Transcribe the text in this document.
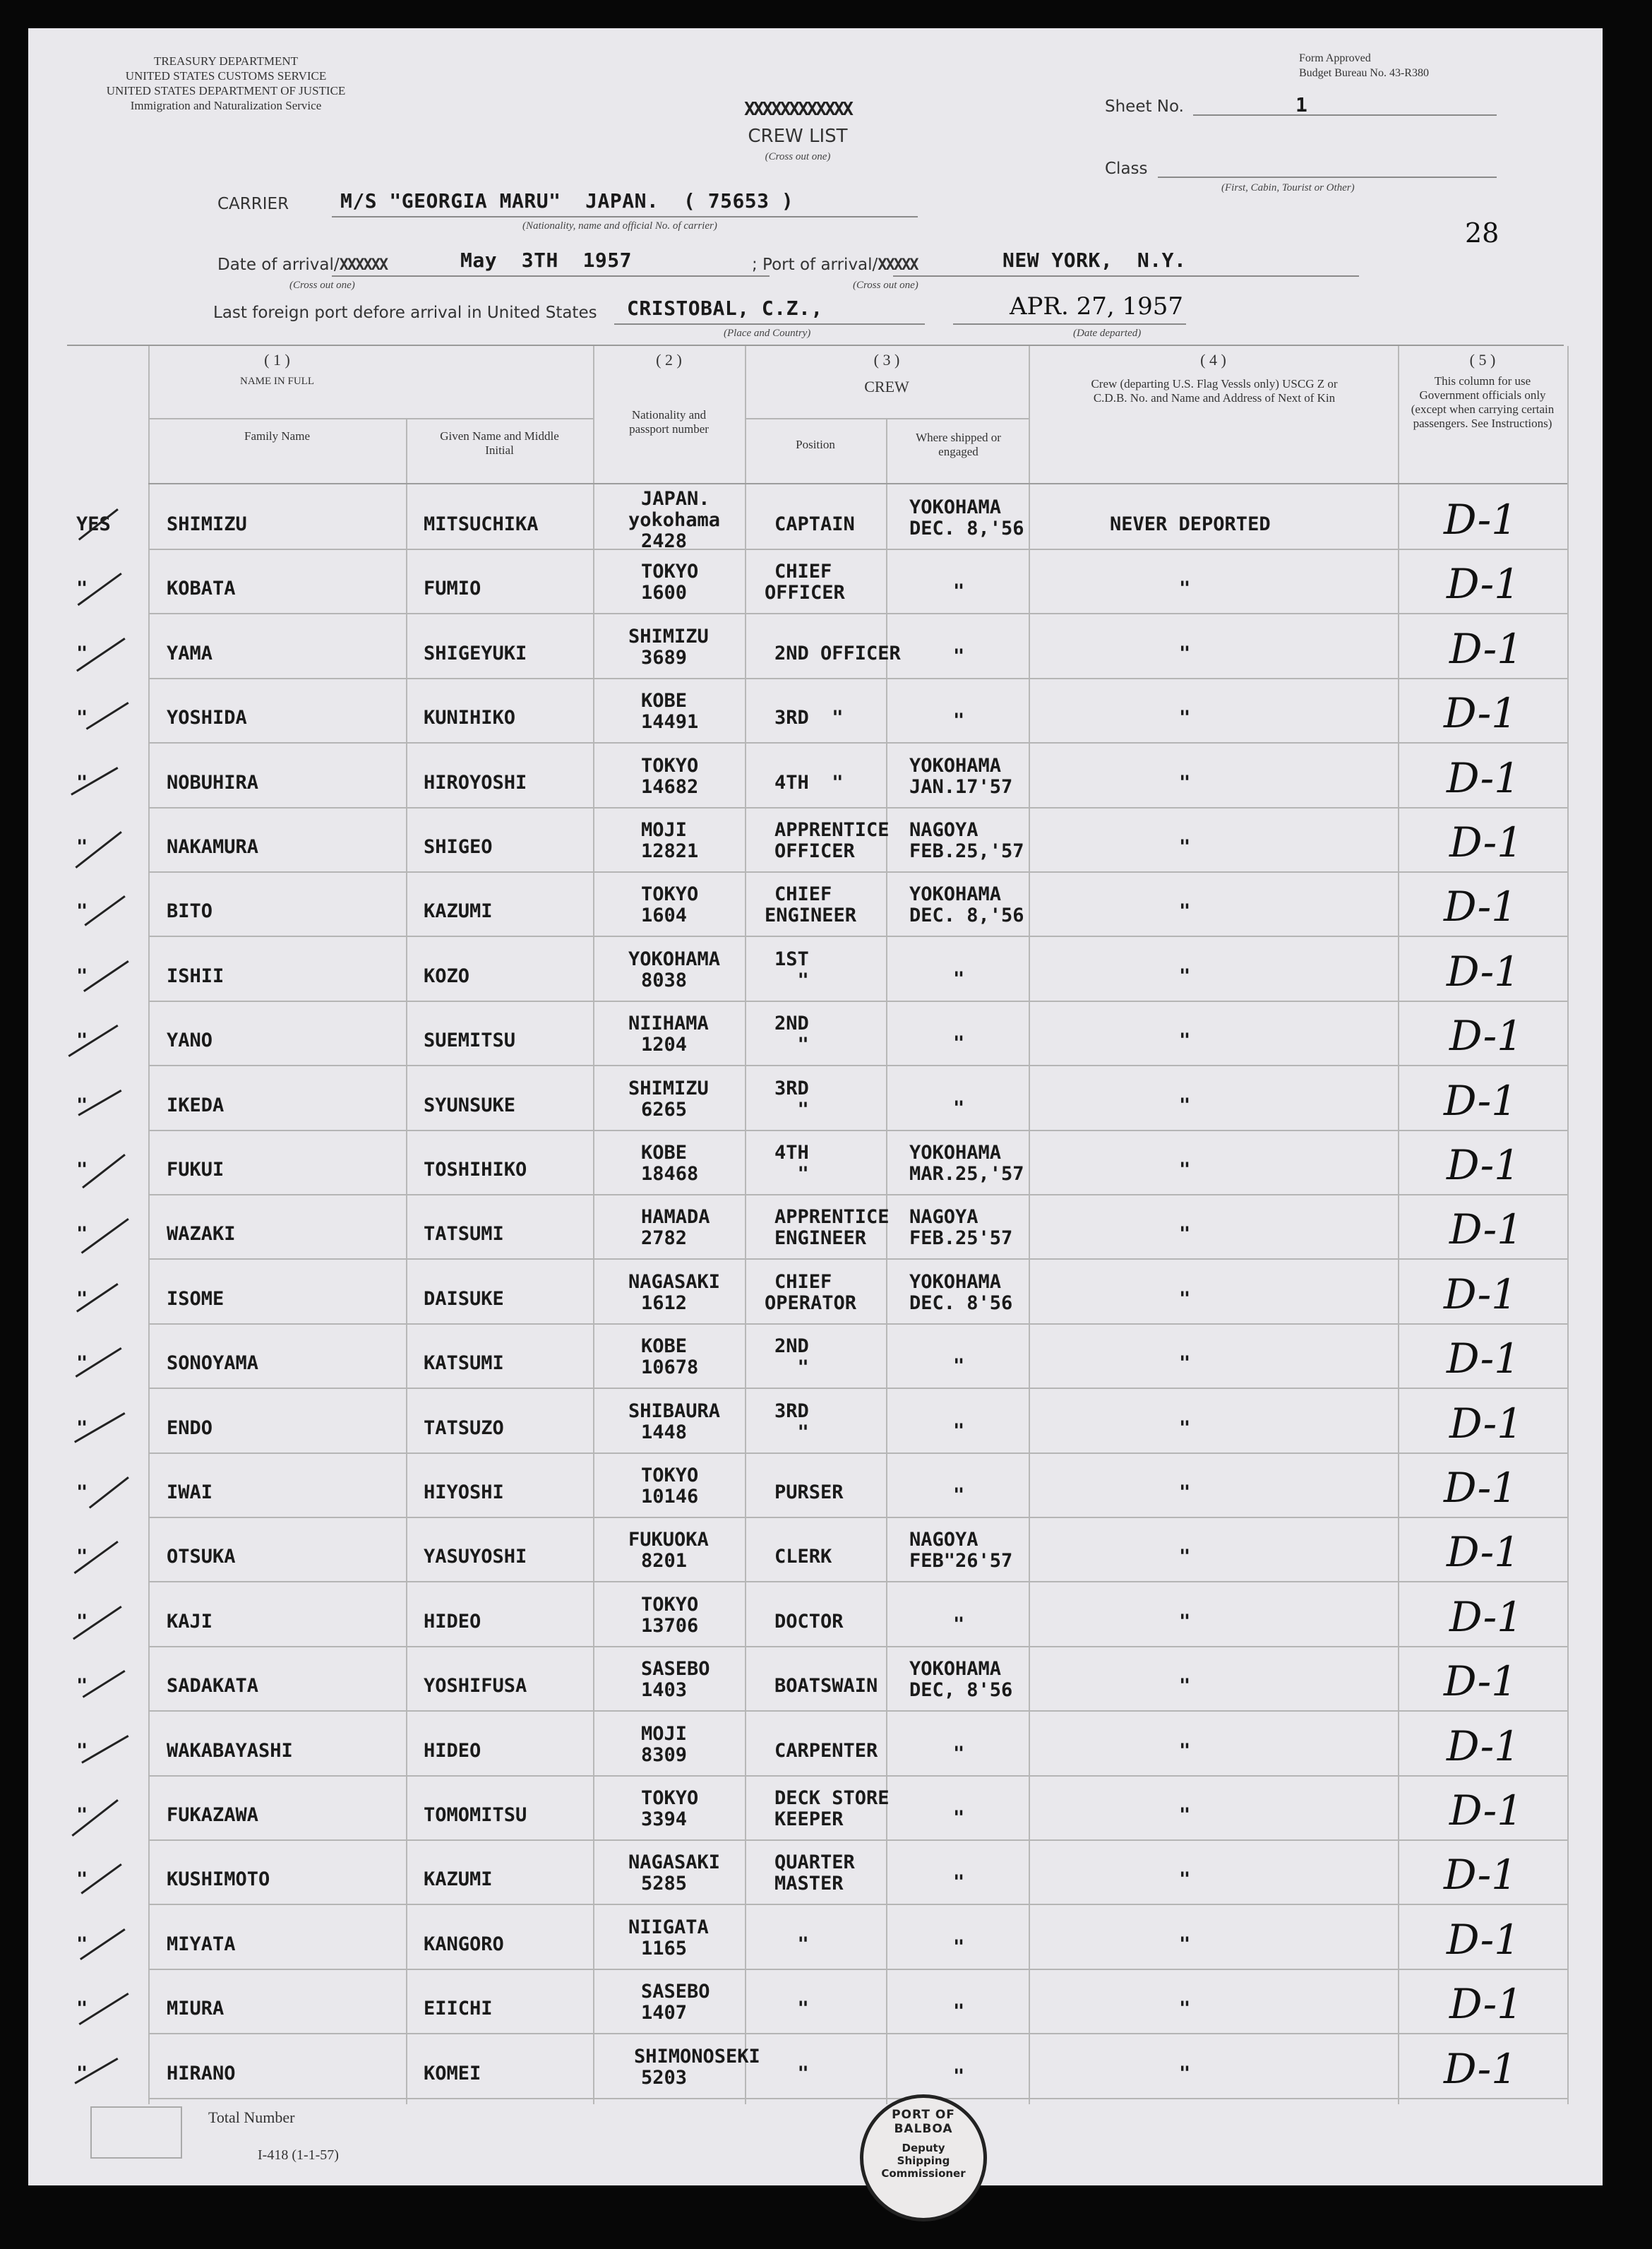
TREASURY DEPARTMENT
UNITED STATES CUSTOMS SERVICE
UNITED STATES DEPARTMENT OF JUSTICE
Immigration and Naturalization Service
Form Approved
Budget Bureau No. 43-R380
XXXXXXXXXXXX
CREW LIST
(Cross out one)
Sheet No.	1
Class
(First, Cabin, Tourist or Other)
28
CARRIER	M/S "GEORGIA MARU"  JAPAN.  ( 75653 )
(Nationality, name and official No. of carrier)
Date of arrival/XXXXXX	May  3TH  1957
(Cross out one)
; Port of arrival/XXXXX	NEW YORK,  N.Y.
(Cross out one)
Last foreign port defore arrival in United States CRISTOBAL, C.Z.,
(Place and Country)
APR. 27, 1957
(Date departed)
( 1 )
NAME IN FULL
Family Name	Given Name and Middle Initial
( 2 )
Nationality and passport number
( 3 )
CREW
Position
Where shipped or engaged
( 4 )
Crew (departing U.S. Flag Vessls only) USCG Z or C.D.B. No. and Name and Address of Next of Kin
( 5 )
This column for use Government officials only (except when carrying certain passengers. See Instructions)
YES	SHIMIZU	MITSUCHIKA
JAPAN.
yokohama
2428
CAPTAIN
YOKOHAMA
DEC. 8,'56	NEVER DEPORTED	D-1
"	KOBATA	FUMIO
TOKYO
1600
CHIEF
OFFICER	"	"	D-1
"	YAMA	SHIGEYUKI
SHIMIZU
3689	2ND OFFICER	"	"	D-1
"	YOSHIDA	KUNIHIKO
KOBE
14491	3RD  "	"	"	D-1
"	NOBUHIRA	HIROYOSHI
TOKYO
14682	4TH  "
YOKOHAMA
JAN.17'57	"	D-1
"	NAKAMURA	SHIGEO
MOJI
12821
APPRENTICE
OFFICER
NAGOYA
FEB.25,'57	"	D-1
"	BITO	KAZUMI
TOKYO
1604
CHIEF
ENGINEER
YOKOHAMA
DEC. 8,'56	"	D-1
"	ISHII	KOZO
YOKOHAMA
8038
1ST
"	"	"	D-1
"	YANO	SUEMITSU
NIIHAMA
1204
2ND
"	"	"	D-1
"	IKEDA	SYUNSUKE
SHIMIZU
6265
3RD
"	"	"	D-1
"	FUKUI	TOSHIHIKO
KOBE
18468
4TH
"
YOKOHAMA
MAR.25,'57	"	D-1
"	WAZAKI	TATSUMI
HAMADA
2782
APPRENTICE
ENGINEER
NAGOYA
FEB.25'57	"	D-1
"	ISOME	DAISUKE
NAGASAKI
1612
CHIEF
OPERATOR
YOKOHAMA
DEC. 8'56	"	D-1
"	SONOYAMA	KATSUMI
KOBE
10678
2ND
"	"	"	D-1
"	ENDO	TATSUZO
SHIBAURA
1448
3RD
"	"	"	D-1
"	IWAI	HIYOSHI
TOKYO
10146	PURSER	"	"	D-1
"	OTSUKA	YASUYOSHI
FUKUOKA
8201	CLERK
NAGOYA
FEB"26'57	"	D-1
"	KAJI	HIDEO
TOKYO
13706	DOCTOR	"	"	D-1
"	SADAKATA	YOSHIFUSA
SASEBO
1403	BOATSWAIN
YOKOHAMA
DEC, 8'56	"	D-1
"	WAKABAYASHI	HIDEO
MOJI
8309	CARPENTER	"	"	D-1
"	FUKAZAWA	TOMOMITSU
TOKYO
3394
DECK STORE
KEEPER	"	"	D-1
"	KUSHIMOTO	KAZUMI
NAGASAKI
5285
QUARTER
MASTER	"	"	D-1
"	MIYATA	KANGORO
NIIGATA
1165	"	"	"	D-1
"	MIURA	EIICHI
SASEBO
1407	"	"	"	D-1
"	HIRANO	KOMEI
SHIMONOSEKI
5203	"	"	"	D-1
Total Number
I-418 (1-1-57)
PORT OF BALBOA
Deputy
Shipping
Commissioner
